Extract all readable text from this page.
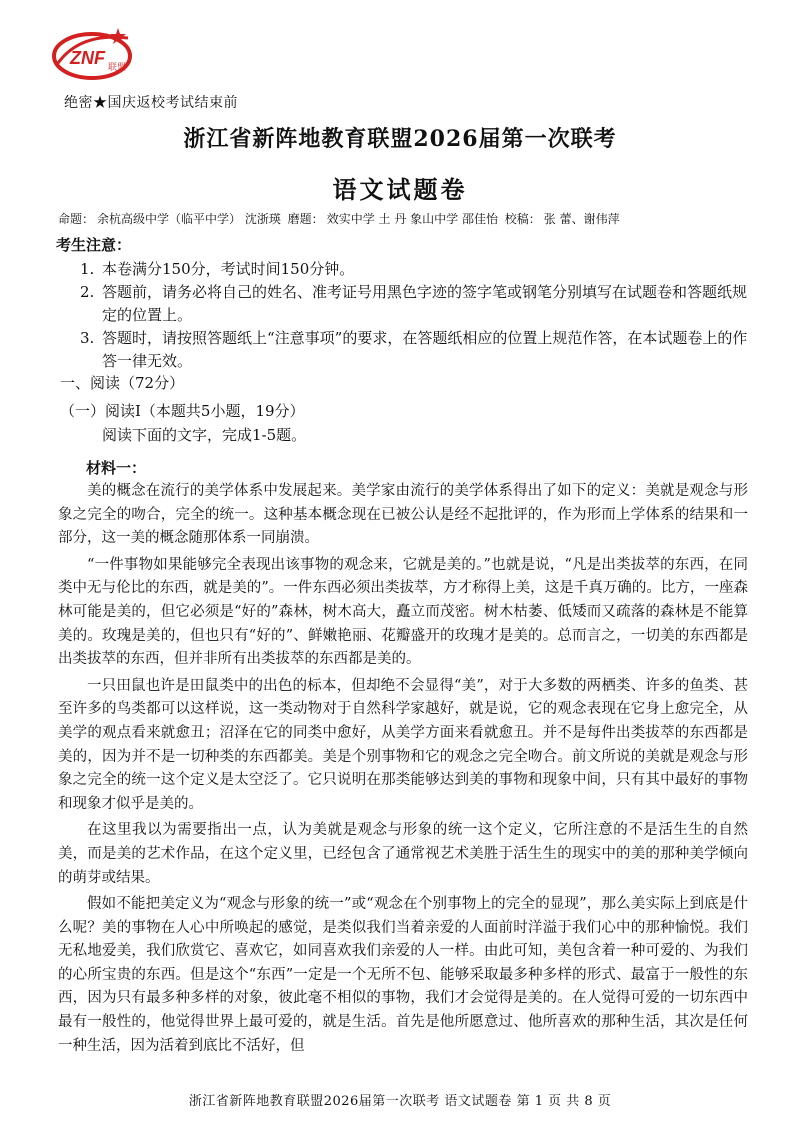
ZNF 联盟
绝密★国庆返校考试结束前
浙江省新阵地教育联盟2026届第一次联考
语文试题卷
命题： 余杭高级中学（临平中学） 沈浙瑛 磨题： 效实中学 土 丹 象山中学 邵佳怡 校稿： 张 蕾、谢伟萍
考生注意：
1. 本卷满分150分，考试时间150分钟。
2. 答题前，请务必将自己的姓名、准考证号用黑色字迹的签字笔或钢笔分别填写在试题卷和答题纸规定的位置上。
3. 答题时，请按照答题纸上“注意事项”的要求，在答题纸相应的位置上规范作答，在本试题卷上的作答一律无效。
一、阅读（72分）
（一）阅读Ⅰ（本题共5小题，19分）
阅读下面的文字，完成1-5题。
材料一：

美的概念在流行的美学体系中发展起来。美学家由流行的美学体系得出了如下的定义：美就是观念与形象之完全的吻合，完全的统一。这种基本概念现在已被公认是经不起批评的，作为形而上学体系的结果和一部分，这一美的概念随那体系一同崩溃。

“一件事物如果能够完全表现出该事物的观念来，它就是美的。”也就是说，“凡是出类拔萃的东西，在同类中无与伦比的东西，就是美的”。一件东西必须出类拔萃，方才称得上美，这是千真万确的。比方，一座森林可能是美的，但它必须是“好的”森林，树木高大，矗立而茂密。树木枯萎、低矮而又疏落的森林是不能算美的。玫瑰是美的，但也只有“好的”、鲜嫩艳丽、花瓣盛开的玫瑰才是美的。总而言之，一切美的东西都是出类拔萃的东西，但并非所有出类拔萃的东西都是美的。

一只田鼠也许是田鼠类中的出色的标本，但却绝不会显得“美”，对于大多数的两栖类、许多的鱼类、甚至许多的鸟类都可以这样说，这一类动物对于自然科学家越好，就是说，它的观念表现在它身上愈完全，从美学的观点看来就愈丑；沼泽在它的同类中愈好，从美学方面来看就愈丑。并不是每件出类拔萃的东西都是美的，因为并不是一切种类的东西都美。美是个别事物和它的观念之完全吻合。前文所说的美就是观念与形象之完全的统一这个定义是太空泛了。它只说明在那类能够达到美的事物和现象中间，只有其中最好的事物和现象才似乎是美的。

在这里我以为需要指出一点，认为美就是观念与形象的统一这个定义，它所注意的不是活生生的自然美，而是美的艺术作品，在这个定义里，已经包含了通常视艺术美胜于活生生的现实中的美的那种美学倾向的萌芽或结果。

假如不能把美定义为“观念与形象的统一”或“观念在个别事物上的完全的显现”，那么美实际上到底是什么呢？美的事物在人心中所唤起的感觉，是类似我们当着亲爱的人面前时洋溢于我们心中的那种愉悦。我们无私地爱美，我们欣赏它、喜欢它，如同喜欢我们亲爱的人一样。由此可知，美包含着一种可爱的、为我们的心所宝贵的东西。但是这个“东西”一定是一个无所不包、能够采取最多种多样的形式、最富于一般性的东西，因为只有最多种多样的对象，彼此毫不相似的事物，我们才会觉得是美的。在人觉得可爱的一切东西中最有一般性的，他觉得世界上最可爱的，就是生活。首先是他所愿意过、他所喜欢的那种生活，其次是任何一种生活，因为活着到底比不活好，但

浙江省新阵地教育联盟2026届第一次联考 语文试题卷 第 1 页 共 8 页
